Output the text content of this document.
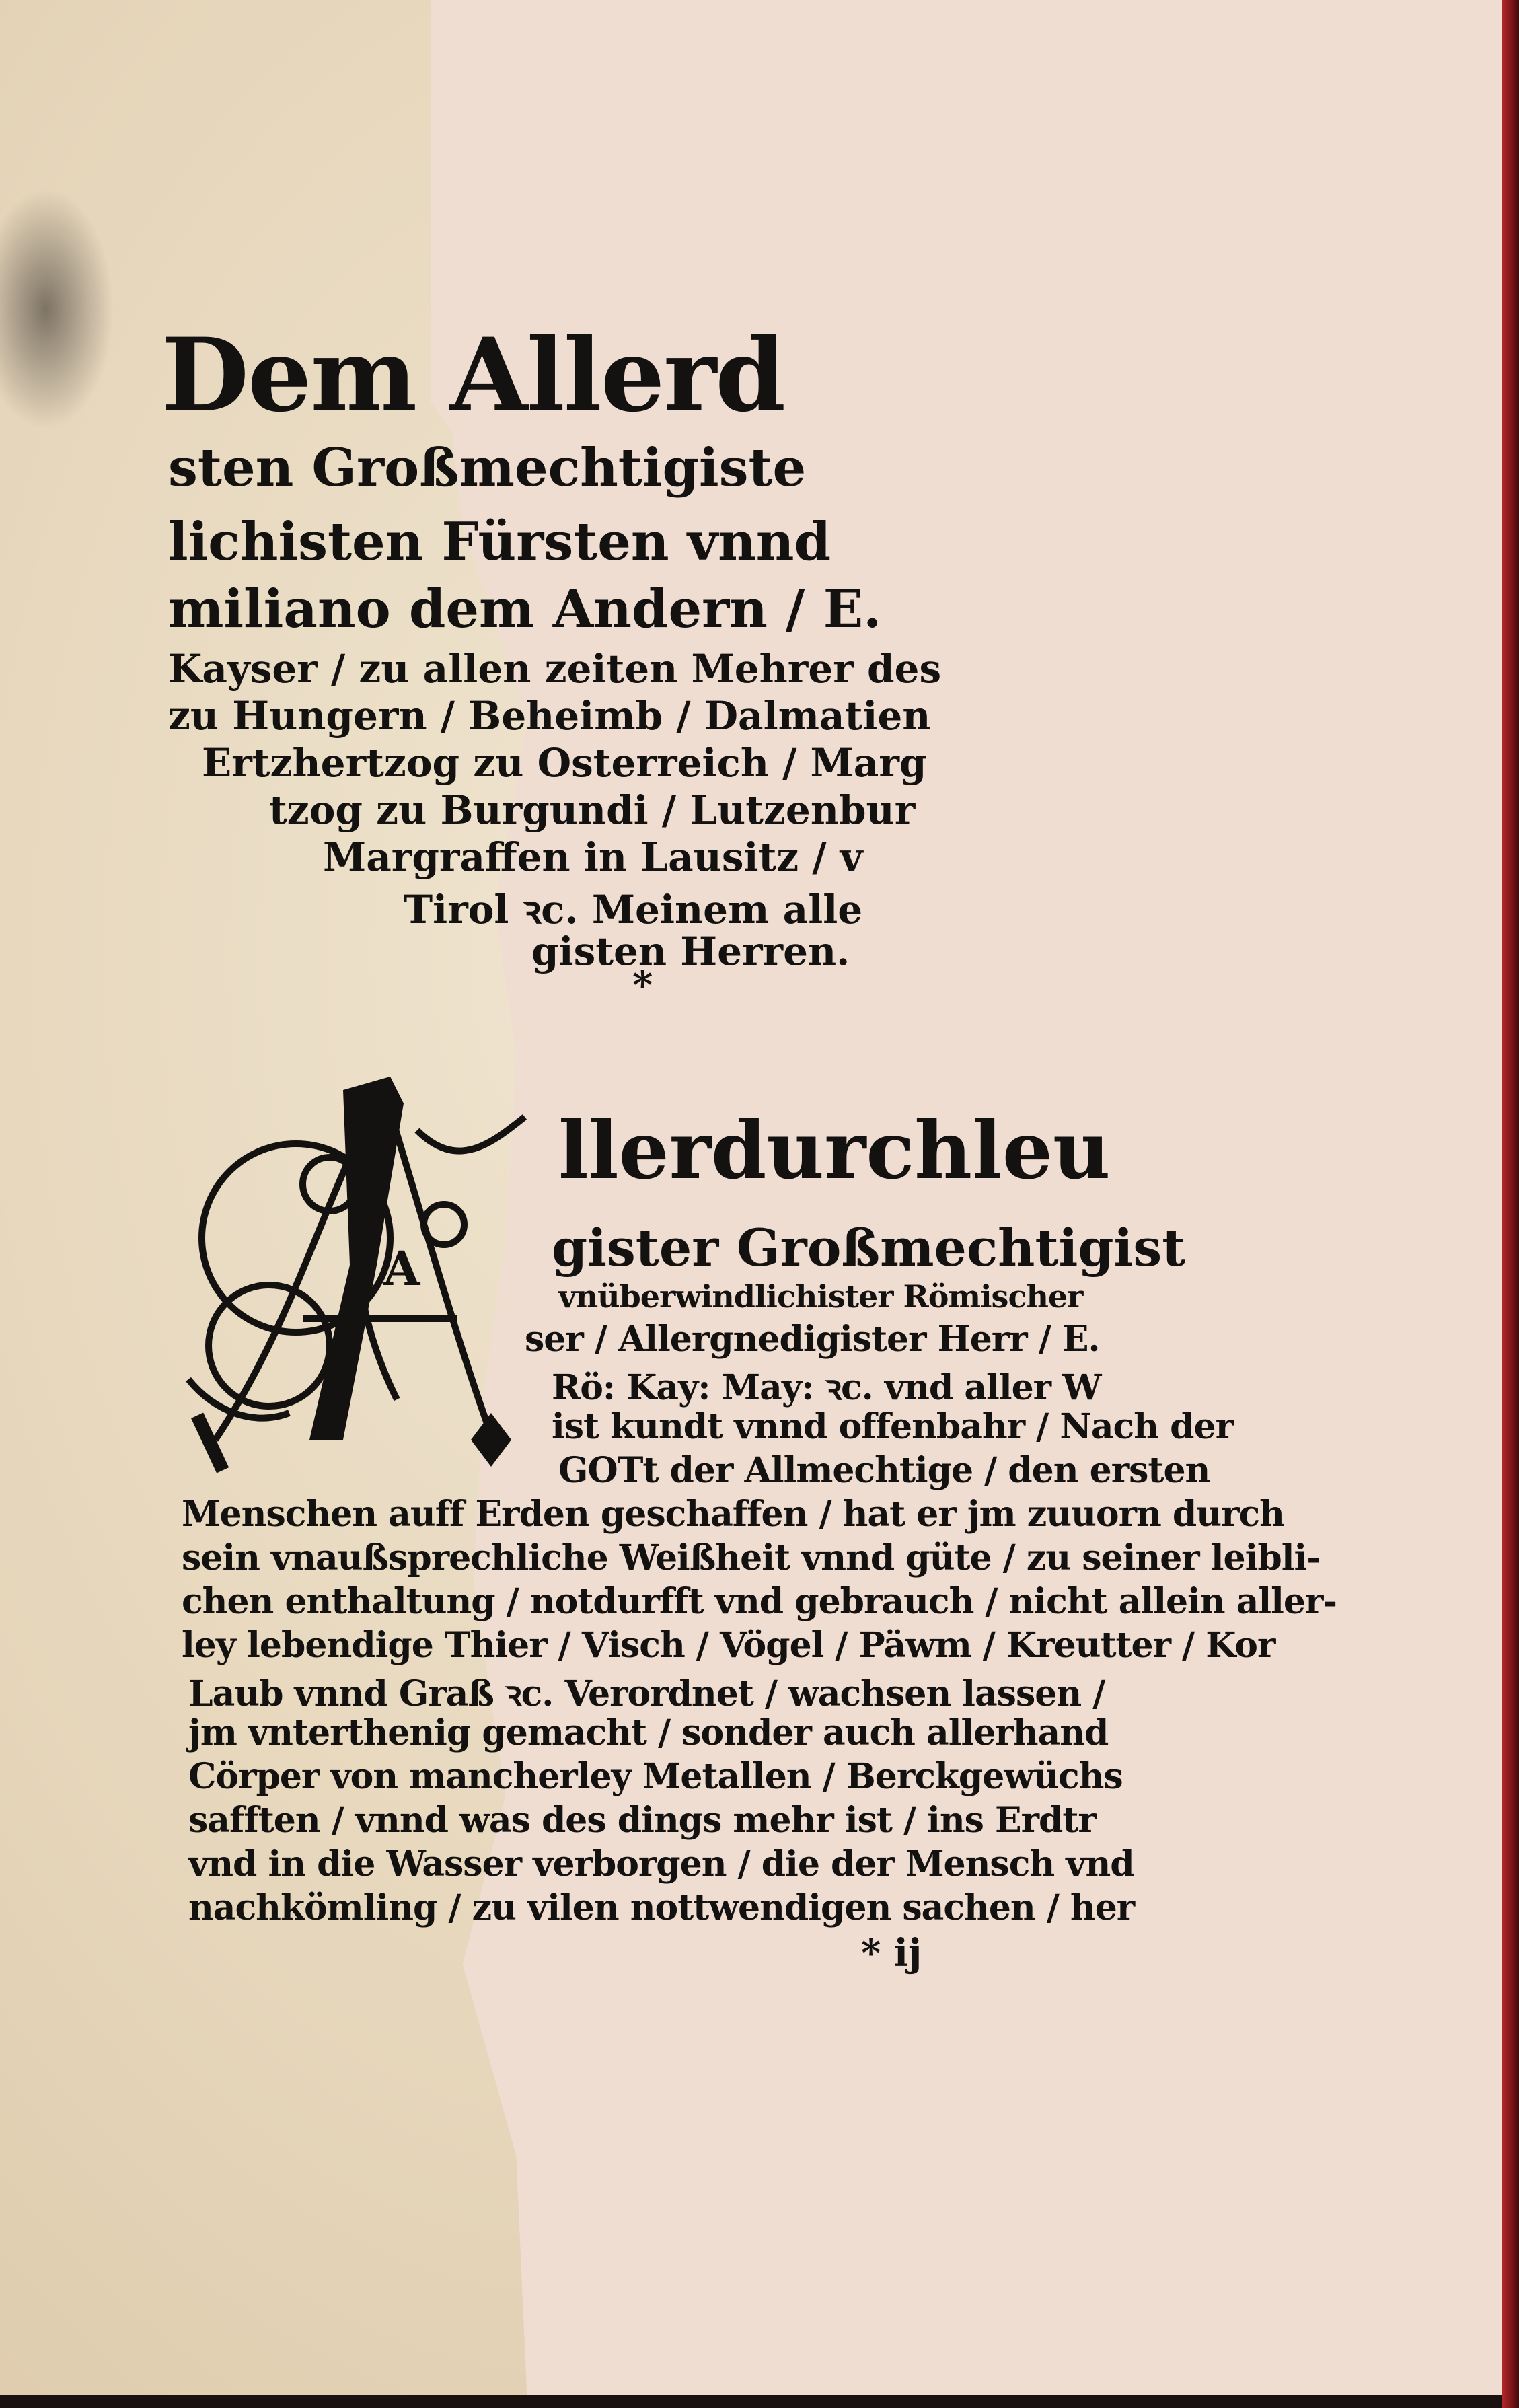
Dem Allerd
sten Großmechtigiste
lichisten Fürsten vnnd
miliano dem Andern / E.
Kayser / zu allen zeiten Mehrer des
zu Hungern / Beheimb / Dalmatien
Ertzhertzog zu Osterreich / Marg
tzog zu Burgundi / Lutzenbur
Margraffen in Lausitz / v
Tirol ꝛc. Meinem alle
gisten Herren.
*
A
llerdurchleu
gister Großmechtigist
vnüberwindlichister Römischer
ser / Allergnedigister Herr / E.
Rö: Kay: May: ꝛc. vnd aller W
ist kundt vnnd offenbahr / Nach der
GOTt der Allmechtige / den ersten
Menschen auff Erden geschaffen / hat er jm zuuorn durch
sein vnaußsprechliche Weißheit vnnd güte / zu seiner leibli-
chen enthaltung / notdurfft vnd gebrauch / nicht allein aller-
ley lebendige Thier / Visch / Vögel / Päwm / Kreutter / Kor
Laub vnnd Graß ꝛc. Verordnet / wachsen lassen /
jm vnterthenig gemacht / sonder auch allerhand
Cörper von mancherley Metallen / Berckgewüchs
safften / vnnd was des dings mehr ist / ins Erdtr
vnd in die Wasser verborgen / die der Mensch vnd
nachkömling / zu vilen nottwendigen sachen / her
* ij
